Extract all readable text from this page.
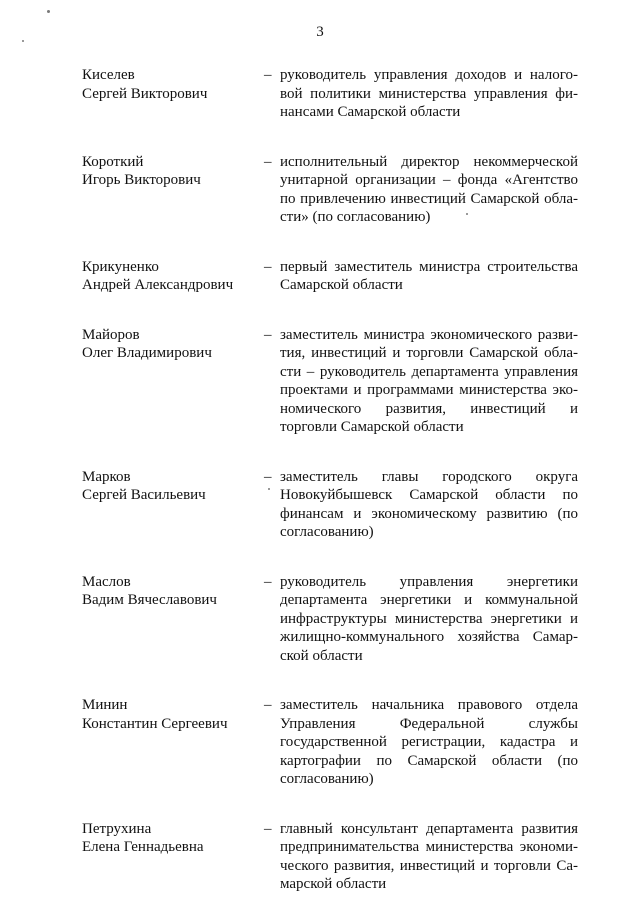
3
Киселев
Сергей Викторович
– руководитель управления доходов и налого-
вой политики министерства управления фи-
нансами Самарской области
Короткий
Игорь Викторович
– исполнительный директор некоммерческой
унитарной организации – фонда «Агентство
по привлечению инвестиций Самарской обла-
сти» (по согласованию)
Крикуненко
Андрей Александрович
– первый заместитель министра строительства
Самарской области
Майоров
Олег Владимирович
– заместитель министра экономического разви-
тия, инвестиций и торговли Самарской обла-
сти – руководитель департамента управления
проектами и программами министерства эко-
номического развития, инвестиций и
торговли Самарской области
Марков
Сергей Васильевич
– заместитель главы городского округа
Новокуйбышевск Самарской области по
финансам и экономическому развитию (по
согласованию)
Маслов
Вадим Вячеславович
– руководитель управления энергетики
департамента энергетики и коммунальной
инфраструктуры министерства энергетики и
жилищно-коммунального хозяйства Самар-
ской области
Минин
Константин Сергеевич
– заместитель начальника правового отдела
Управления Федеральной службы
государственной регистрации, кадастра и
картографии по Самарской области (по
согласованию)
Петрухина
Елена Геннадьевна
– главный консультант департамента развития
предпринимательства министерства экономи-
ческого развития, инвестиций и торговли Са-
марской области
